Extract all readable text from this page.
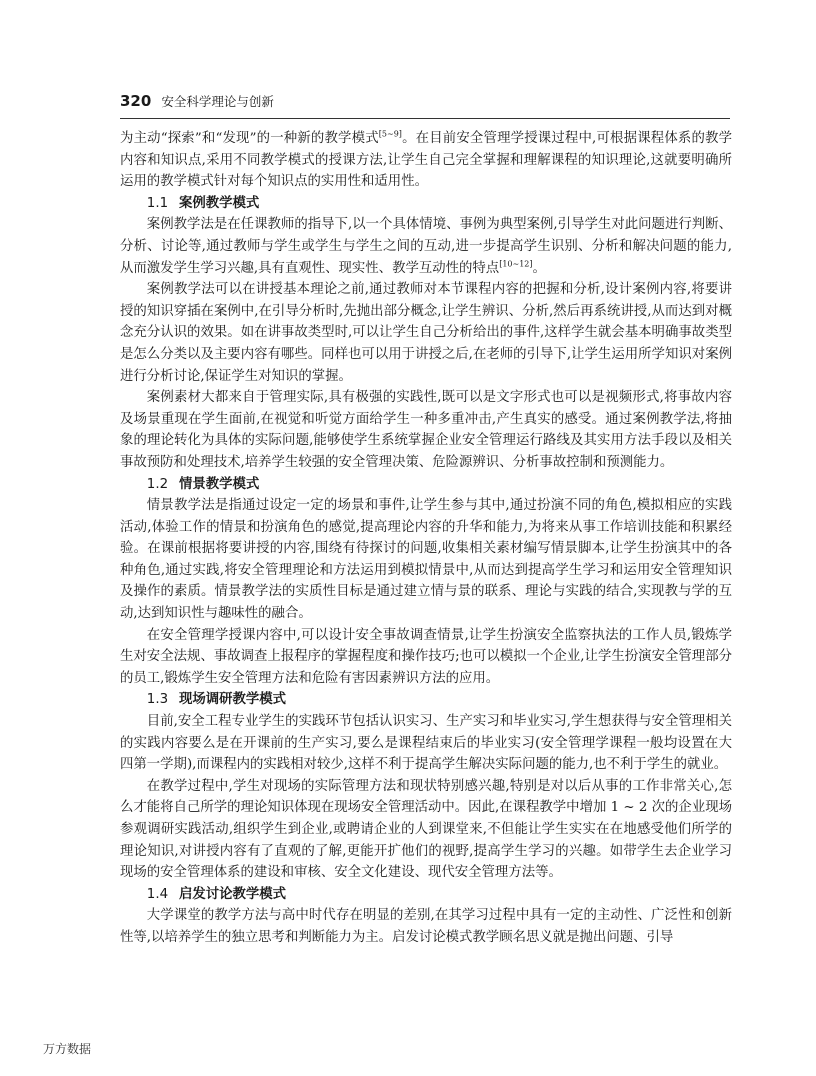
320 安全科学理论与创新

为主动“探索”和“发现”的一种新的教学模式[5~9]。在目前安全管理学授课过程中,可根据课程体系的教学内容和知识点,采用不同教学模式的授课方法,让学生自己完全掌握和理解课程的知识理论,这就要明确所运用的教学模式针对每个知识点的实用性和适用性。

1.1 案例教学模式

案例教学法是在任课教师的指导下,以一个具体情境、事例为典型案例,引导学生对此问题进行判断、分析、讨论等,通过教师与学生或学生与学生之间的互动,进一步提高学生识别、分析和解决问题的能力,从而激发学生学习兴趣,具有直观性、现实性、教学互动性的特点[10~12]。

案例教学法可以在讲授基本理论之前,通过教师对本节课程内容的把握和分析,设计案例内容,将要讲授的知识穿插在案例中,在引导分析时,先抛出部分概念,让学生辨识、分析,然后再系统讲授,从而达到对概念充分认识的效果。如在讲事故类型时,可以让学生自己分析给出的事件,这样学生就会基本明确事故类型是怎么分类以及主要内容有哪些。同样也可以用于讲授之后,在老师的引导下,让学生运用所学知识对案例进行分析讨论,保证学生对知识的掌握。

案例素材大都来自于管理实际,具有极强的实践性,既可以是文字形式也可以是视频形式,将事故内容及场景重现在学生面前,在视觉和听觉方面给学生一种多重冲击,产生真实的感受。通过案例教学法,将抽象的理论转化为具体的实际问题,能够使学生系统掌握企业安全管理运行路线及其实用方法手段以及相关事故预防和处理技术,培养学生较强的安全管理决策、危险源辨识、分析事故控制和预测能力。

1.2 情景教学模式

情景教学法是指通过设定一定的场景和事件,让学生参与其中,通过扮演不同的角色,模拟相应的实践活动,体验工作的情景和扮演角色的感觉,提高理论内容的升华和能力,为将来从事工作培训技能和积累经验。在课前根据将要讲授的内容,围绕有待探讨的问题,收集相关素材编写情景脚本,让学生扮演其中的各种角色,通过实践,将安全管理理论和方法运用到模拟情景中,从而达到提高学生学习和运用安全管理知识及操作的素质。情景教学法的实质性目标是通过建立情与景的联系、理论与实践的结合,实现教与学的互动,达到知识性与趣味性的融合。

在安全管理学授课内容中,可以设计安全事故调查情景,让学生扮演安全监察执法的工作人员,锻炼学生对安全法规、事故调查上报程序的掌握程度和操作技巧;也可以模拟一个企业,让学生扮演安全管理部分的员工,锻炼学生安全管理方法和危险有害因素辨识方法的应用。

1.3 现场调研教学模式

目前,安全工程专业学生的实践环节包括认识实习、生产实习和毕业实习,学生想获得与安全管理相关的实践内容要么是在开课前的生产实习,要么是课程结束后的毕业实习(安全管理学课程一般均设置在大四第一学期),而课程内的实践相对较少,这样不利于提高学生解决实际问题的能力,也不利于学生的就业。

在教学过程中,学生对现场的实际管理方法和现状特别感兴趣,特别是对以后从事的工作非常关心,怎么才能将自己所学的理论知识体现在现场安全管理活动中。因此,在课程教学中增加 1 ~ 2 次的企业现场参观调研实践活动,组织学生到企业,或聘请企业的人到课堂来,不但能让学生实实在在地感受他们所学的理论知识,对讲授内容有了直观的了解,更能开扩他们的视野,提高学生学习的兴趣。如带学生去企业学习现场的安全管理体系的建设和审核、安全文化建设、现代安全管理方法等。

1.4 启发讨论教学模式

大学课堂的教学方法与高中时代存在明显的差别,在其学习过程中具有一定的主动性、广泛性和创新性等,以培养学生的独立思考和判断能力为主。启发讨论模式教学顾名思义就是抛出问题、引导

万方数据
